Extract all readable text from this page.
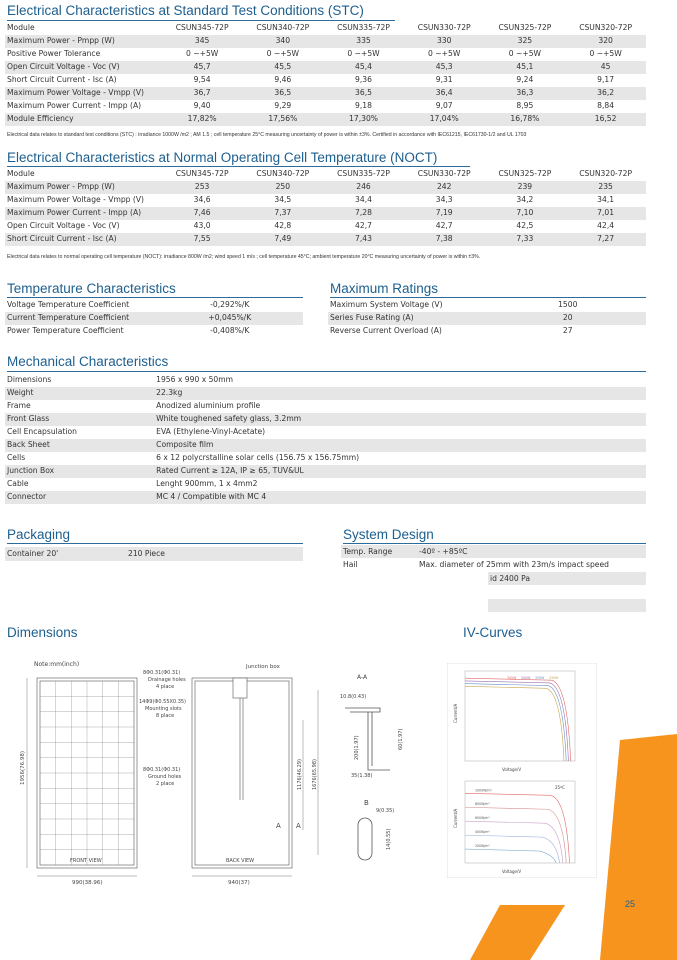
Electrical Characteristics at Standard Test Conditions (STC)
Module	CSUN345-72P	CSUN340-72P	CSUN335-72P	CSUN330-72P	CSUN325-72P	CSUN320-72P
Maximum Power - Pmpp (W)	345	340	335	330	325	320
Positive Power Tolerance	0 ~+5W	0 ~+5W	0 ~+5W	0 ~+5W	0 ~+5W	0 ~+5W
Open Circuit Voltage - Voc (V)	45,7	45,5	45,4	45,3	45,1	45
Short Circuit Current - Isc (A)	9,54	9,46	9,36	9,31	9,24	9,17
Maximum Power Voltage - Vmpp (V)	36,7	36,5	36,5	36,4	36,3	36,2
Maximum Power Current - Impp (A)	9,40	9,29	9,18	9,07	8,95	8,84
Module Efficiency	17,82%	17,56%	17,30%	17,04%	16,78%	16,52
Electrical data relates to standard test conditions (STC) : irradiance 1000W /m2 ; AM 1.5 ; cell temperature 25°C measuring uncertainty of power is within ±3%. Certified in accordance with IEC61215, IEC61730-1/2 and UL 1703
Electrical Characteristics at Normal Operating Cell Temperature (NOCT)
Module	CSUN345-72P	CSUN340-72P	CSUN335-72P	CSUN330-72P	CSUN325-72P	CSUN320-72P
Maximum Power - Pmpp (W)	253	250	246	242	239	235
Maximum Power Voltage - Vmpp (V)	34,6	34,5	34,4	34,3	34,2	34,1
Maximum Power Current - Impp (A)	7,46	7,37	7,28	7,19	7,10	7,01
Open Circuit Voltage - Voc (V)	43,0	42,8	42,7	42,7	42,5	42,4
Short Circuit Current - Isc (A)	7,55	7,49	7,43	7,38	7,33	7,27
Electrical data relates to normal operating cell temperature (NOCT): irradiance 800W /m2; wind speed 1 m/s ; cell temperature 45°C; ambient temperature 20°C measuring uncertainty of power is within ±3%.
Temperature Characteristics
Voltage Temperature Coefficient	-0,292%/K
Current Temperature Coefficient	+0,045%/K
Power Temperature Coefficient	-0,408%/K
Maximum Ratings
Maximum System Voltage (V)	1500
Series Fuse Rating (A)	20
Reverse Current Overload (A)	27
Mechanical Characteristics
Dimensions	1956 x 990 x 50mm
Weight	22.3kg
Frame	Anodized aluminium profile
Front Glass	White toughened safety glass, 3.2mm
Cell Encapsulation	EVA (Ethylene-Vinyl-Acetate)
Back Sheet	Composite film
Cells	6 x 12 polycrstalline solar cells (156.75 x 156.75mm)
Junction Box	Rated Current ≥ 12A, IP ≥ 65, TUV&UL
Cable	Lenght 900mm, 1 x 4mm2
Connector	MC 4 / Compatible with MC 4
Packaging
Container 20'	210 Piece
System Design
Temp. Range	-40º - +85ºC
Hail	Max. diameter of 25mm with 23m/s impact speed
id 2400 Pa
Dimensions
Note:mm(inch)
FRONT VIEW
990(38.96)
1956(76.98)
8Φ0.31(Φ0.31)
Drainage holes
4 place
14Φ9(Φ0.55X0.35)
Mounting slots
8 place
8Φ0.31(Φ0.31)
Ground holes
2 place
Junction box
BACK VIEW
940(37)
1176(46.29) 1676(65.98)
A A
A-A
10.8(0.43)
200(1.97)	60(1.97)
35(1.38)
B
9(0.35)
14(0.55)
IV-Curves
345W 340W 335W 330W
Voltage/V
Current/A
1000W/m²
800W/m²
600W/m²
400W/m²
200W/m²
25ºC
Voltage/V
Current/A
25
